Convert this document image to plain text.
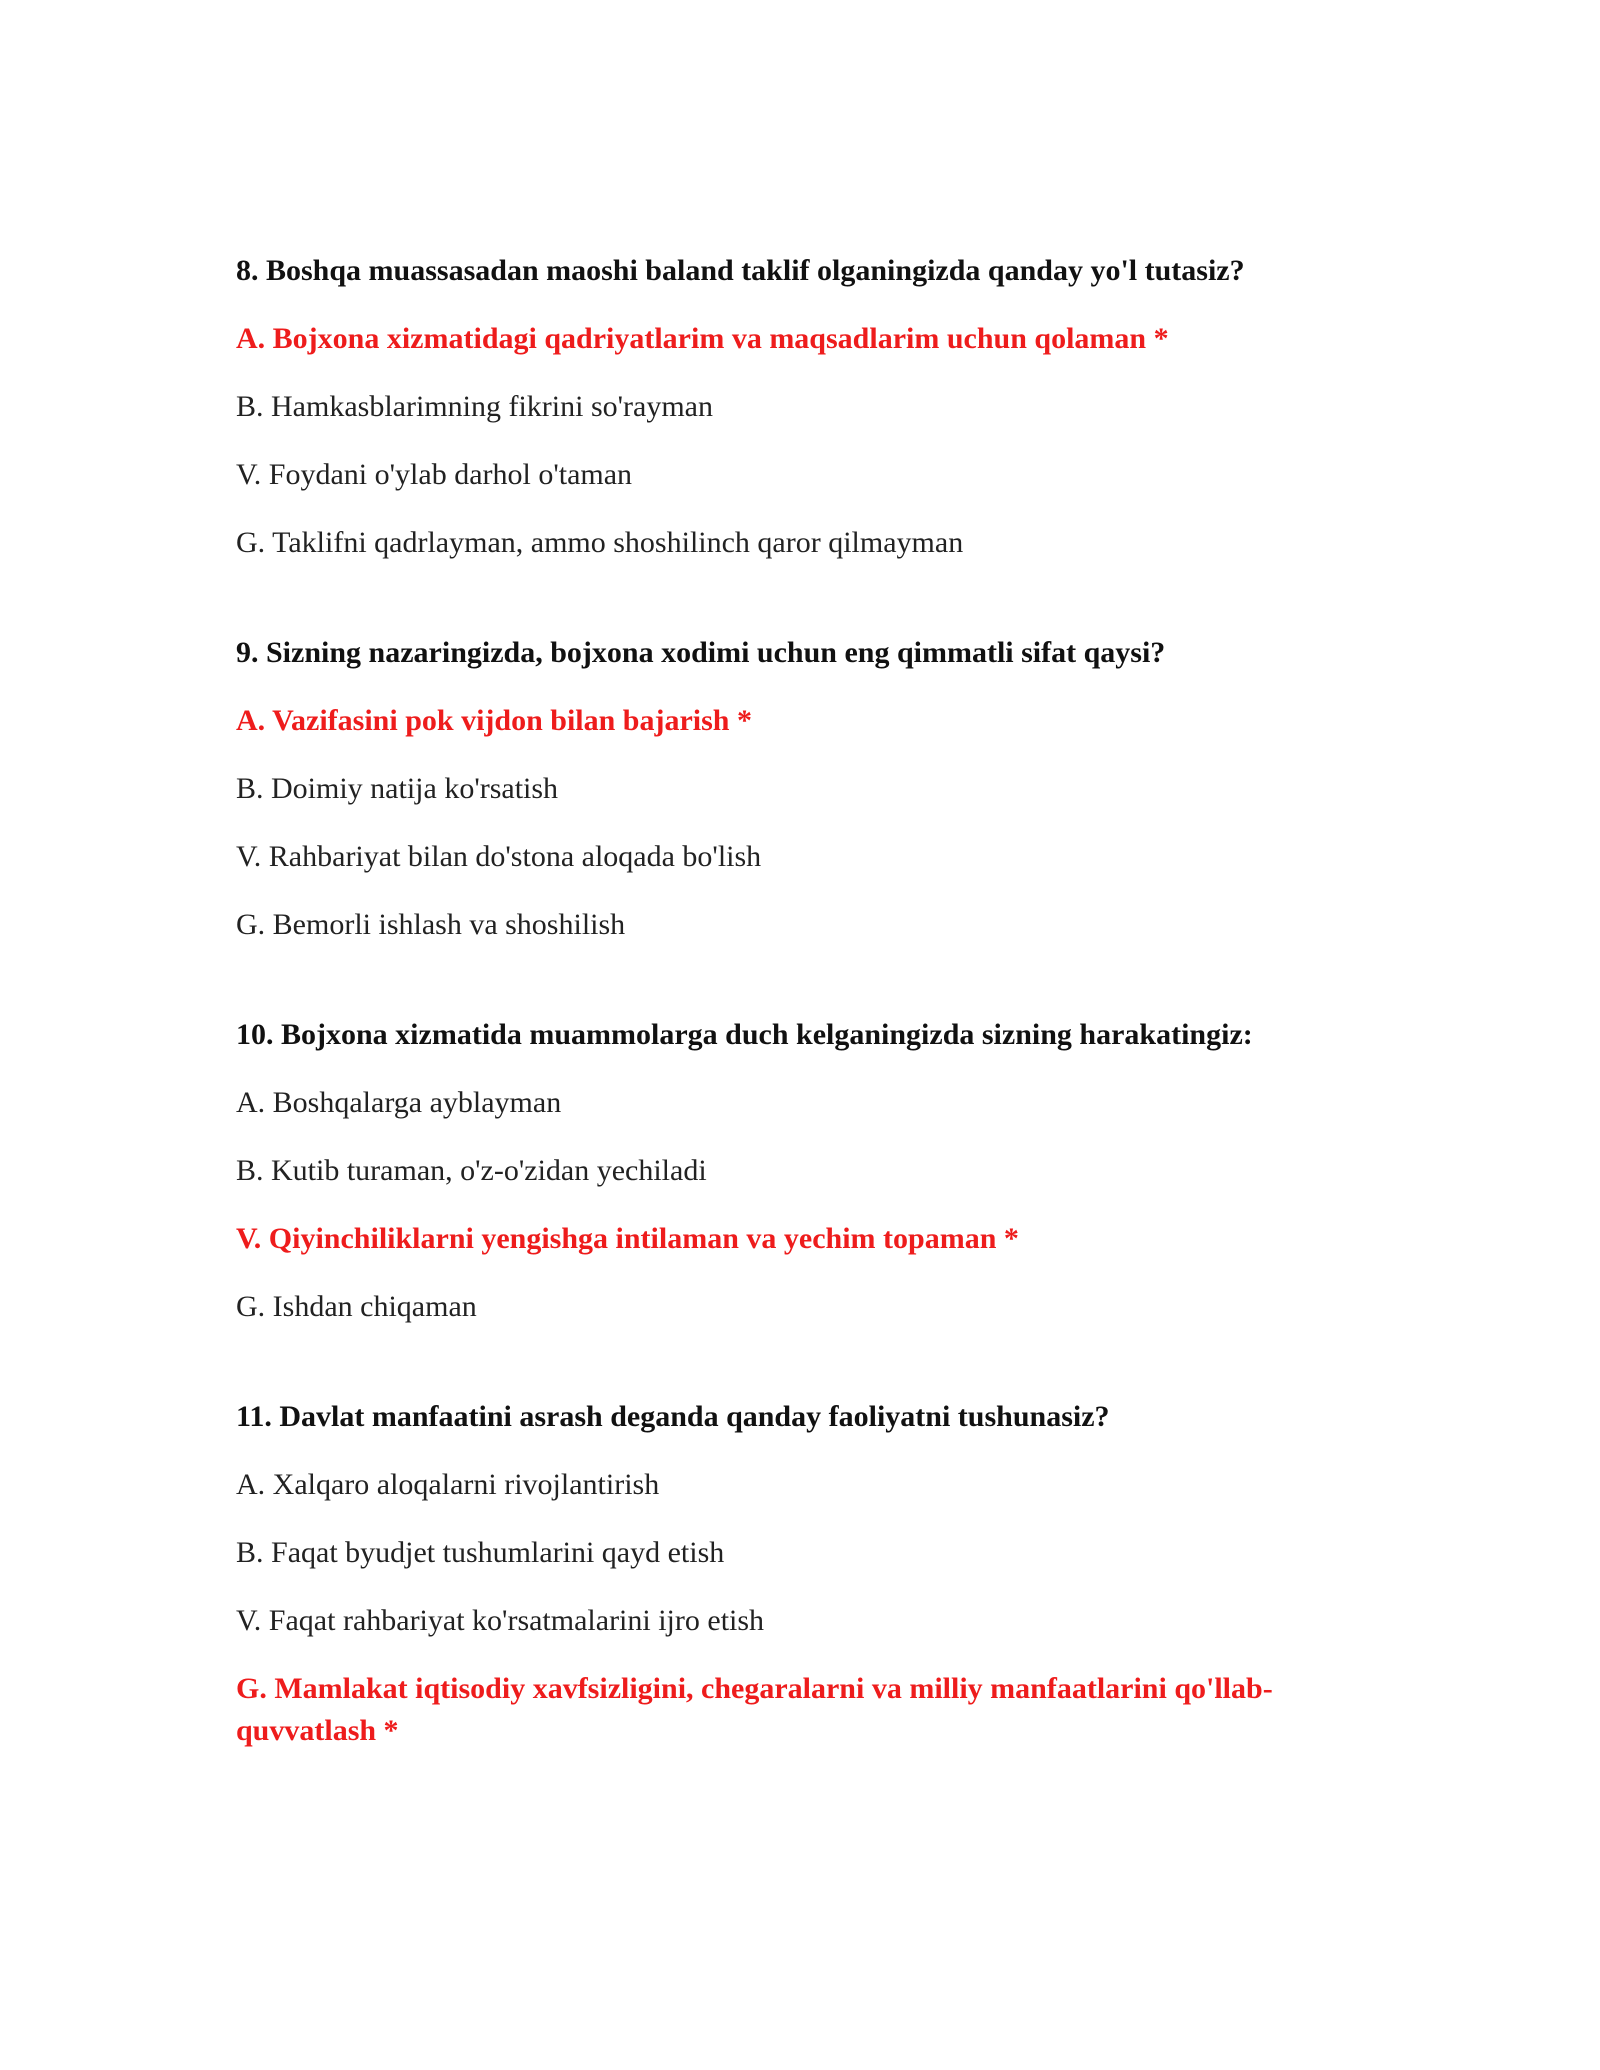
8. Boshqa muassasadan maoshi baland taklif olganingizda qanday yo'l tutasiz?

A. Bojxona xizmatidagi qadriyatlarim va maqsadlarim uchun qolaman *

B. Hamkasblarimning fikrini so'rayman

V. Foydani o'ylab darhol o'taman

G. Taklifni qadrlayman, ammo shoshilinch qaror qilmayman

9. Sizning nazaringizda, bojxona xodimi uchun eng qimmatli sifat qaysi?

A. Vazifasini pok vijdon bilan bajarish *

B. Doimiy natija ko'rsatish

V. Rahbariyat bilan do'stona aloqada bo'lish

G. Bemorli ishlash va shoshilish

10. Bojxona xizmatida muammolarga duch kelganingizda sizning harakatingiz:

A. Boshqalarga ayblayman

B. Kutib turaman, o'z-o'zidan yechiladi

V. Qiyinchiliklarni yengishga intilaman va yechim topaman *

G. Ishdan chiqaman

11. Davlat manfaatini asrash deganda qanday faoliyatni tushunasiz?

A. Xalqaro aloqalarni rivojlantirish

B. Faqat byudjet tushumlarini qayd etish

V. Faqat rahbariyat ko'rsatmalarini ijro etish

G. Mamlakat iqtisodiy xavfsizligini, chegaralarni va milliy manfaatlarini qo'llab-quvvatlash *
